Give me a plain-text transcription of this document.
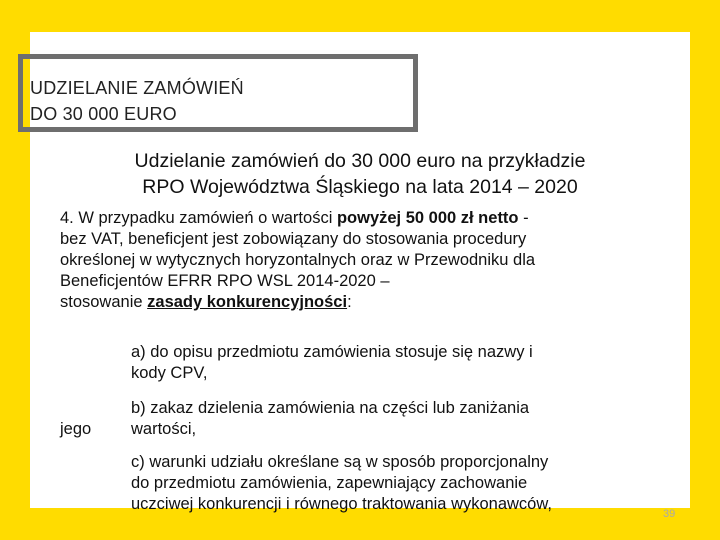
UDZIELANIE ZAMÓWIEŃ
DO 30 000 EURO
Udzielanie zamówień do 30 000 euro na przykładzie
RPO Województwa Śląskiego na lata 2014 – 2020
4. W przypadku zamówień o wartości powyżej 50 000 zł netto -
bez VAT, beneficjent jest zobowiązany do stosowania procedury
określonej w wytycznych horyzontalnych oraz w Przewodniku dla
Beneficjentów EFRR RPO WSL 2014-2020 –
stosowanie zasady konkurencyjności:
jego
a) do opisu przedmiotu zamówienia stosuje się nazwy i
kody CPV,
b) zakaz dzielenia zamówienia na części lub zaniżania
wartości,
c) warunki udziału określane są w sposób proporcjonalny
do przedmiotu zamówienia, zapewniający zachowanie
uczciwej konkurencji i równego traktowania wykonawców,
39
